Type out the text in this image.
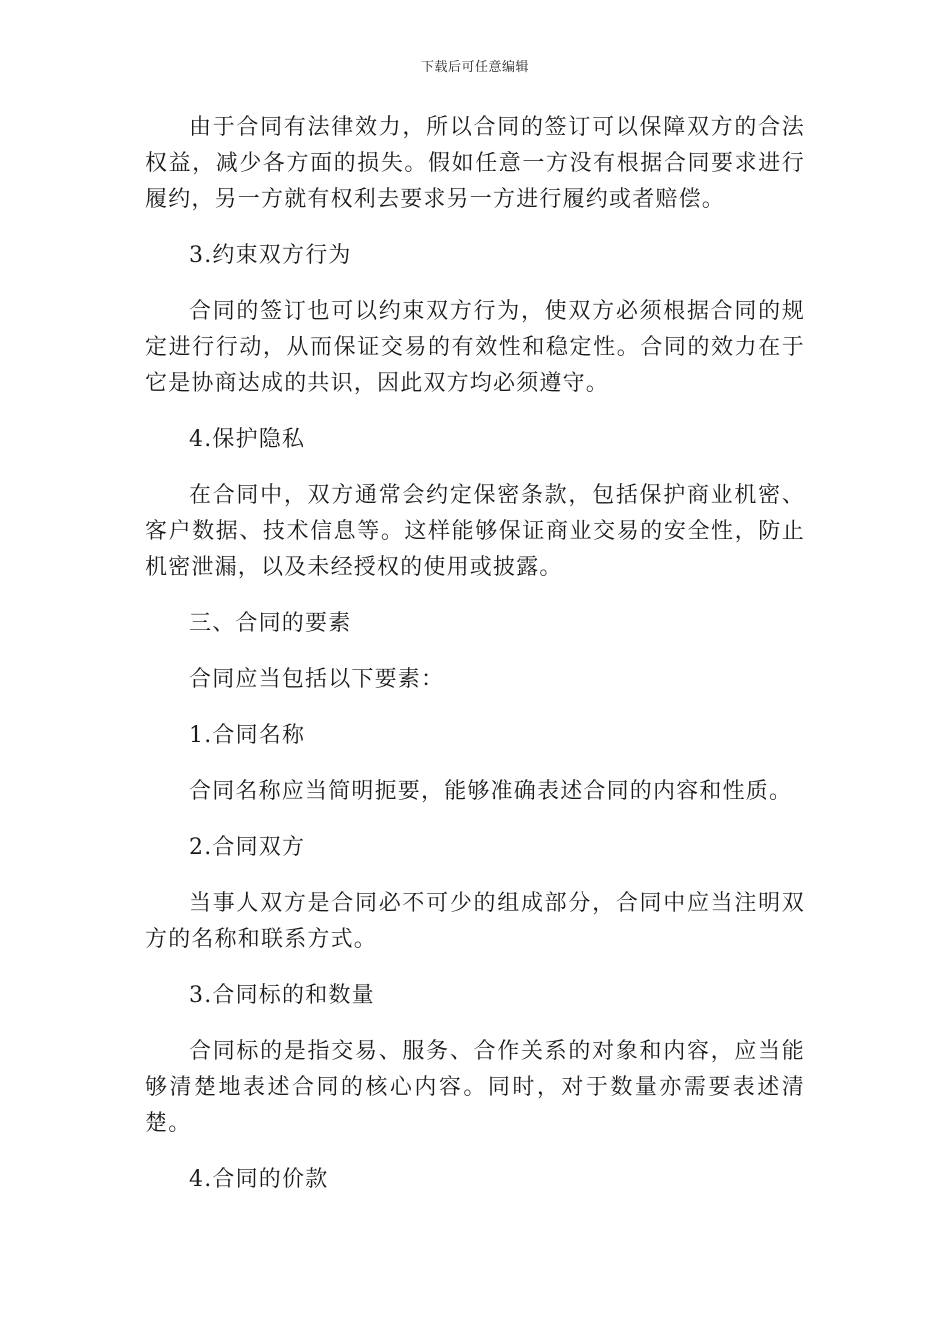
下载后可任意编辑

由于合同有法律效力，所以合同的签订可以保障双方的合法权益，减少各方面的损失。假如任意一方没有根据合同要求进行履约，另一方就有权利去要求另一方进行履约或者赔偿。

3.约束双方行为

合同的签订也可以约束双方行为，使双方必须根据合同的规定进行行动，从而保证交易的有效性和稳定性。合同的效力在于它是协商达成的共识，因此双方均必须遵守。

4.保护隐私

在合同中，双方通常会约定保密条款，包括保护商业机密、客户数据、技术信息等。这样能够保证商业交易的安全性，防止机密泄漏，以及未经授权的使用或披露。

三、合同的要素

合同应当包括以下要素：

1.合同名称

合同名称应当简明扼要，能够准确表述合同的内容和性质。

2.合同双方

当事人双方是合同必不可少的组成部分，合同中应当注明双方的名称和联系方式。

3.合同标的和数量

合同标的是指交易、服务、合作关系的对象和内容，应当能够清楚地表述合同的核心内容。同时，对于数量亦需要表述清楚。

4.合同的价款
